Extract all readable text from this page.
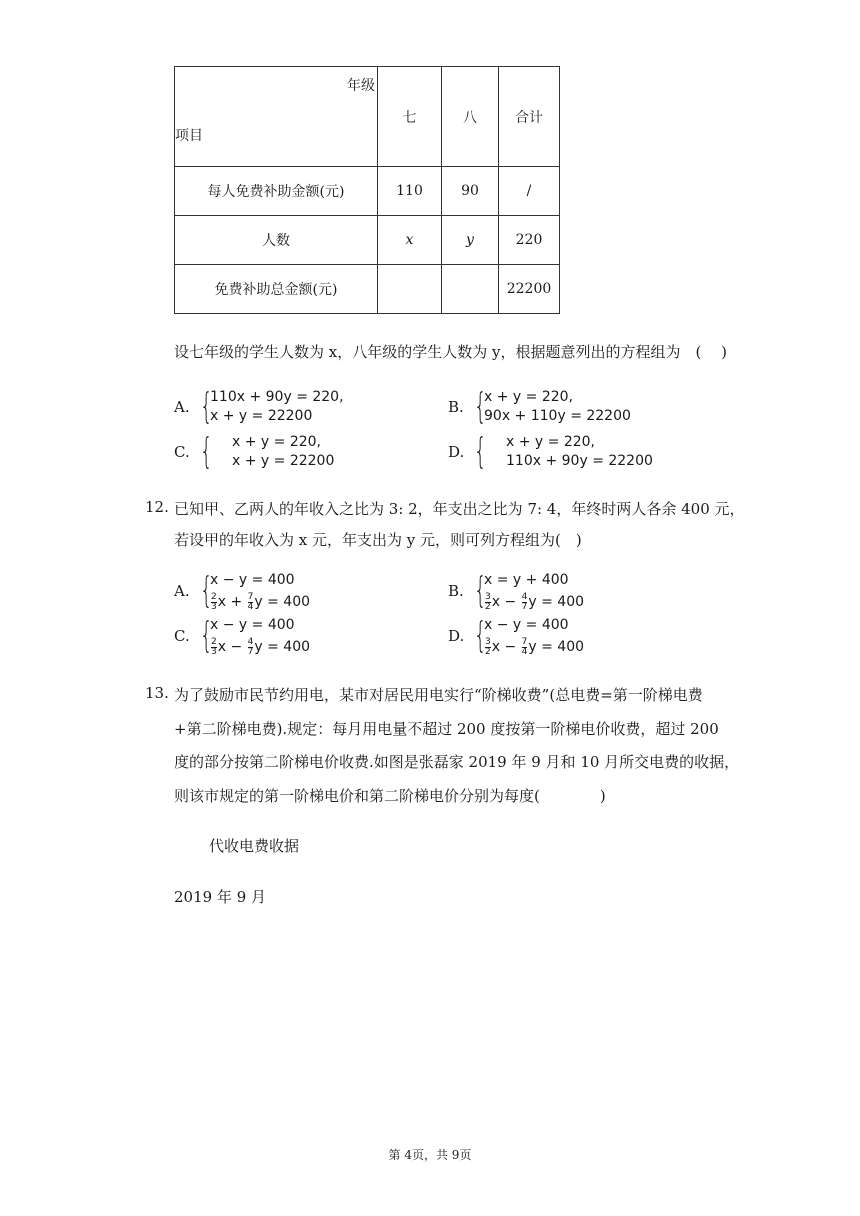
年级
项目	七	八	合计
每人免费补助金额(元)	110	90	/
人数	x	y	220
免费补助总金额(元)			22200
设七年级的学生人数为 x，八年级的学生人数为 y，根据题意列出的方程组为　(　 )
A. {
110x + 90y = 220,
x + y = 22200	B. {
x + y = 220,
90x + 110y = 22200
C. { x + y = 220,
x + y = 22200	D. { x + y = 220,
110x + 90y = 22200
12. 已知甲、乙两人的年收入之比为 3: 2，年支出之比为 7: 4，年终时两人各余 400 元，
若设甲的年收入为 x 元，年支出为 y 元，则可列方程组为(　)
A. {
x − y = 400
$\frac{2}{3}$ $x + \frac{7}{4}$ y = 400
B. {
x = y + 400
$\frac{3}{2}$ $x - \frac{4}{7}$ y = 400
C. {
x − y = 400
$\frac{2}{3}$ $x - \frac{4}{7}$ y = 400
D. {
x − y = 400
$\frac{3}{2}$ $x - \frac{7}{4}$ y = 400
13. 为了鼓励市民节约用电，某市对居民用电实行“阶梯收费”(总电费=第一阶梯电费
+第二阶梯电费).规定：每月用电量不超过 200 度按第一阶梯电价收费，超过 200
度的部分按第二阶梯电价收费.如图是张磊家 2019 年 9 月和 10 月所交电费的收据，
则该市规定的第一阶梯电价和第二阶梯电价分别为每度(　　　　)
代收电费收据
2019 年 9 月
第 4页，共 9页
